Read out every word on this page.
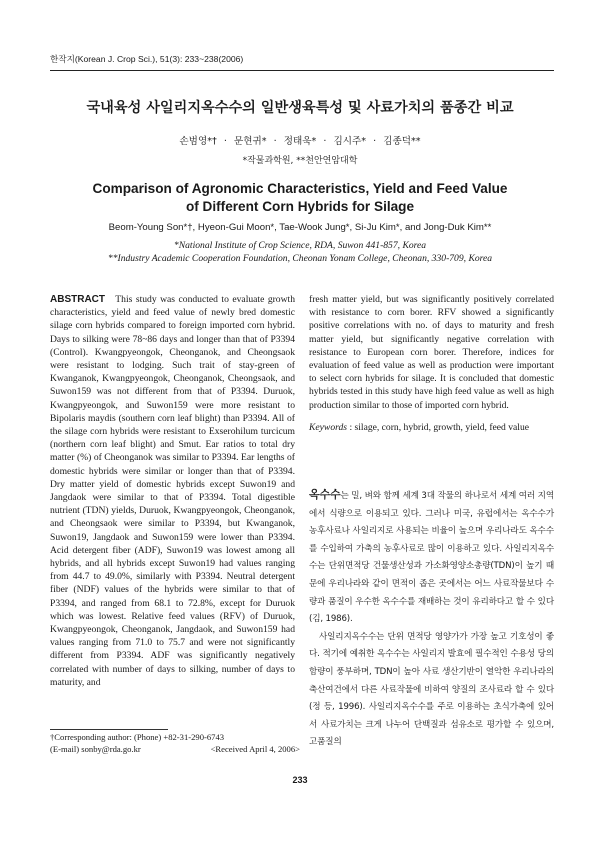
한작지(Korean J. Crop Sci.), 51(3): 233~238(2006)
국내육성 사일리지옥수수의 일반생육특성 및 사료가치의 품종간 비교
손범영*† · 문현귀* · 정태욱* · 김시주* · 김종덕**
*작물과학원, **천안연암대학
Comparison of Agronomic Characteristics, Yield and Feed Value
of Different Corn Hybrids for Silage
Beom-Young Son*†, Hyeon-Gui Moon*, Tae-Wook Jung*, Si-Ju Kim*, and Jong-Duk Kim**
*National Institute of Crop Science, RDA, Suwon 441-857, Korea
**Industry Academic Cooperation Foundation, Cheonan Yonam College, Cheonan, 330-709, Korea

ABSTRACT This study was conducted to evaluate growth characteristics, yield and feed value of newly bred domestic silage corn hybrids compared to foreign imported corn hybrid. Days to silking were 78~86 days and longer than that of P3394 (Control). Kwangpyeongok, Cheonganok, and Cheongsaok were resistant to lodging. Such trait of stay-green of Kwanganok, Kwangpyeongok, Cheonganok, Cheongsaok, and Suwon159 was not different from that of P3394. Duruok, Kwangpyeongok, and Suwon159 were more resistant to Bipolaris maydis (southern corn leaf blight) than P3394. All of the silage corn hybrids were resistant to Exserohilum turcicum (northern corn leaf blight) and Smut. Ear ratios to total dry matter (%) of Cheonganok was similar to P3394. Ear lengths of domestic hybrids were similar or longer than that of P3394. Dry matter yield of domestic hybrids except Suwon19 and Jangdaok were similar to that of P3394. Total digestible nutrient (TDN) yields, Duruok, Kwangpyeongok, Cheonganok, and Cheongsaok were similar to P3394, but Kwanganok, Suwon19, Jangdaok and Suwon159 were lower than P3394. Acid detergent fiber (ADF), Suwon19 was lowest among all hybrids, and all hybrids except Suwon19 had values ranging from 44.7 to 49.0%, similarly with P3394. Neutral detergent fiber (NDF) values of the hybrids were similar to that of P3394, and ranged from 68.1 to 72.8%, except for Duruok which was lowest. Relative feed values (RFV) of Duruok, Kwangpyeongok, Cheonganok, Jangdaok, and Suwon159 had values ranging from 71.0 to 75.7 and were not significantly different from P3394. ADF was significantly negatively correlated with number of days to silking, number of days to maturity, and

fresh matter yield, but was significantly positively correlated with resistance to corn borer. RFV showed a significantly positive correlations with no. of days to maturity and fresh matter yield, but significantly negative correlation with resistance to European corn borer. Therefore, indices for evaluation of feed value as well as production were important to select corn hybrids for silage. It is concluded that domestic hybrids tested in this study have high feed value as well as high production similar to those of imported corn hybrid.

Keywords : silage, corn, hybrid, growth, yield, feed value

옥수수는 밀, 벼와 함께 세계 3대 작물의 하나로서 세계 여러 지역에서 식량으로 이용되고 있다. 그러나 미국, 유럽에서는 옥수수가 농후사료나 사일리지로 사용되는 비율이 높으며 우리나라도 옥수수를 수입하여 가축의 농후사료로 많이 이용하고 있다. 사일리지옥수수는 단위면적당 건물생산성과 가소화영양소총량(TDN)이 높기 때문에 우리나라와 같이 면적이 좁은 곳에서는 어느 사료작물보다 수량과 품질이 우수한 옥수수를 재배하는 것이 유리하다고 할 수 있다(김, 1986).

사일리지옥수수는 단위 면적당 영양가가 가장 높고 기호성이 좋다. 적기에 예취한 옥수수는 사일리지 발효에 필수적인 수용성 당의 함량이 풍부하며, TDN이 높아 사료 생산기반이 열악한 우리나라의 축산여건에서 다른 사료작물에 비하여 양질의 조사료라 할 수 있다(정 등, 1996). 사일리지옥수수를 주로 이용하는 초식가축에 있어서 사료가치는 크게 나누어 단백질과 섬유소로 평가할 수 있으며, 고품질의

†Corresponding author: (Phone) +82-31-290-6743
(E-mail) sonby@rda.go.kr	<Received April 4, 2006>
233
